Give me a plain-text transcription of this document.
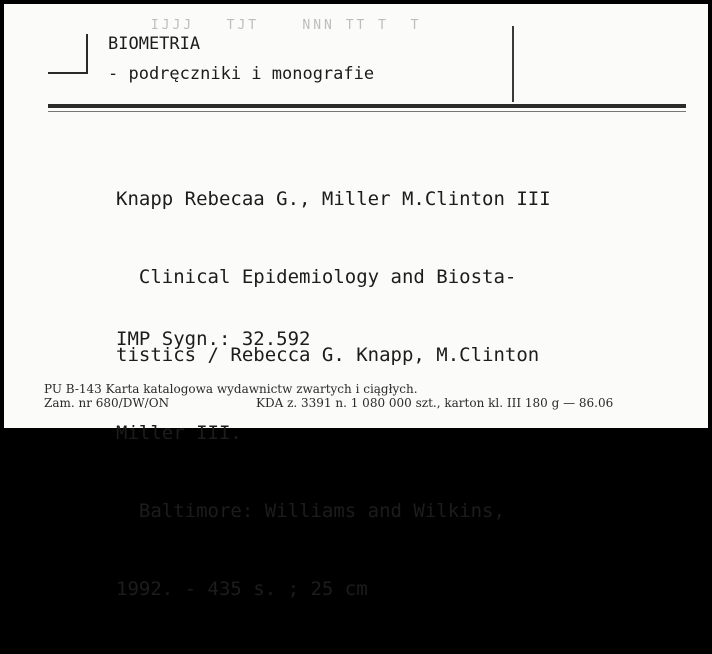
IJJJ   TJT    NNN TT T  T
BIOMETRIA
- podręczniki i monografie

Knapp Rebecaa G., Miller M.Clinton III

Clinical Epidemiology and Biosta-

tistics / Rebecca G. Knapp, M.Clinton

Miller III.

Baltimore: Williams and Wilkins,

1992. - 435 s. ; 25 cm

IMP Sygn.: 32.592
PU B-143 Karta katalogowa wydawnictw zwartych i ciągłych.
Zam. nr 680/DW/ON	KDA z. 3391 n. 1 080 000 szt., karton kl. III 180 g — 86.06
